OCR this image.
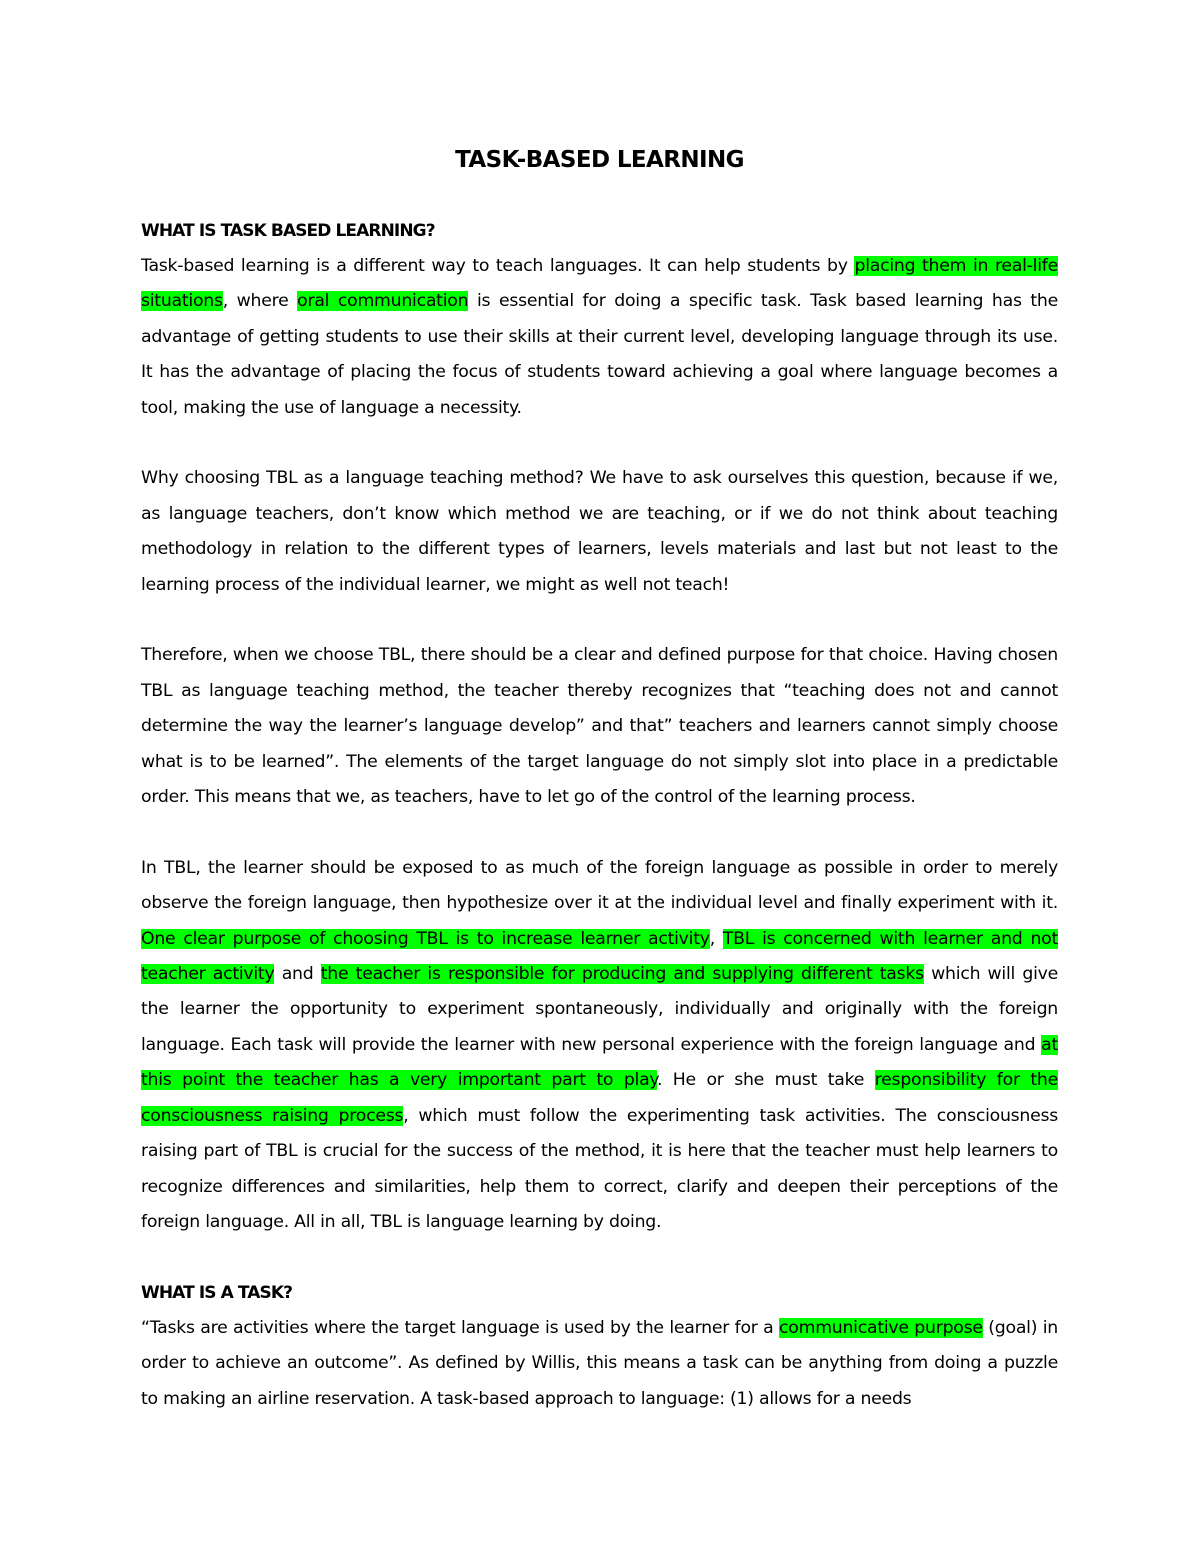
TASK-BASED LEARNING
WHAT IS TASK BASED LEARNING?

Task-based learning is a different way to teach languages. It can help students by placing them in real-life situations, where oral communication is essential for doing a specific task. Task based learning has the advantage of getting students to use their skills at their current level, developing language through its use. It has the advantage of placing the focus of students toward achieving a goal where language becomes a tool, making the use of language a necessity.

Why choosing TBL as a language teaching method? We have to ask ourselves this question, because if we, as language teachers, don’t know which method we are teaching, or if we do not think about teaching methodology in relation to the different types of learners, levels materials and last but not least to the learning process of the individual learner, we might as well not teach!

Therefore, when we choose TBL, there should be a clear and defined purpose for that choice. Having chosen TBL as language teaching method, the teacher thereby recognizes that “teaching does not and cannot determine the way the learner’s language develop” and that” teachers and learners cannot simply choose what is to be learned”. The elements of the target language do not simply slot into place in a predictable order. This means that we, as teachers, have to let go of the control of the learning process.

In TBL, the learner should be exposed to as much of the foreign language as possible in order to merely observe the foreign language, then hypothesize over it at the individual level and finally experiment with it. One clear purpose of choosing TBL is to increase learner activity, TBL is concerned with learner and not teacher activity and the teacher is responsible for producing and supplying different tasks which will give the learner the opportunity to experiment spontaneously, individually and originally with the foreign language. Each task will provide the learner with new personal experience with the foreign language and at this point the teacher has a very important part to play. He or she must take responsibility for the consciousness raising process, which must follow the experimenting task activities. The consciousness raising part of TBL is crucial for the success of the method, it is here that the teacher must help learners to recognize differences and similarities, help them to correct, clarify and deepen their perceptions of the foreign language. All in all, TBL is language learning by doing.

WHAT IS A TASK?

“Tasks are activities where the target language is used by the learner for a communicative purpose (goal) in order to achieve an outcome”. As defined by Willis, this means a task can be anything from doing a puzzle to making an airline reservation. A task-based approach to language: (1) allows for a needs
